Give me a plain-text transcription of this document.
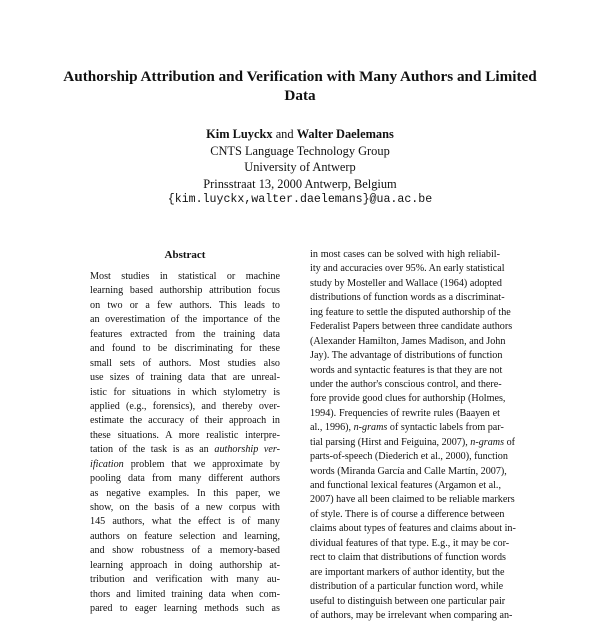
Authorship Attribution and Verification with Many Authors and Limited
Data
Kim Luyckx and Walter Daelemans
CNTS Language Technology Group
University of Antwerp
Prinsstraat 13, 2000 Antwerp, Belgium
{kim.luyckx,walter.daelemans}@ua.ac.be
Abstract
Most studies in statistical or machine
learning based authorship attribution focus
on two or a few authors. This leads to
an overestimation of the importance of the
features extracted from the training data
and found to be discriminating for these
small sets of authors. Most studies also
use sizes of training data that are unreal-
istic for situations in which stylometry is
applied (e.g., forensics), and thereby over-
estimate the accuracy of their approach in
these situations. A more realistic interpre-
tation of the task is as an authorship ver-
ification problem that we approximate by
pooling data from many different authors
as negative examples. In this paper, we
show, on the basis of a new corpus with
145 authors, what the effect is of many
authors on feature selection and learning,
and show robustness of a memory-based
learning approach in doing authorship at-
tribution and verification with many au-
thors and limited training data when com-
pared to eager learning methods such as
in most cases can be solved with high reliabil-
ity and accuracies over 95%. An early statistical
study by Mosteller and Wallace (1964) adopted
distributions of function words as a discriminat-
ing feature to settle the disputed authorship of the
Federalist Papers between three candidate authors
(Alexander Hamilton, James Madison, and John
Jay). The advantage of distributions of function
words and syntactic features is that they are not
under the author's conscious control, and there-
fore provide good clues for authorship (Holmes,
1994). Frequencies of rewrite rules (Baayen et
al., 1996), n-grams of syntactic labels from par-
tial parsing (Hirst and Feiguina, 2007), n-grams of
parts-of-speech (Diederich et al., 2000), function
words (Miranda García and Calle Martín, 2007),
and functional lexical features (Argamon et al.,
2007) have all been claimed to be reliable markers
of style. There is of course a difference between
claims about types of features and claims about in-
dividual features of that type. E.g., it may be cor-
rect to claim that distributions of function words
are important markers of author identity, but the
distribution of a particular function word, while
useful to distinguish between one particular pair
of authors, may be irrelevant when comparing an-
